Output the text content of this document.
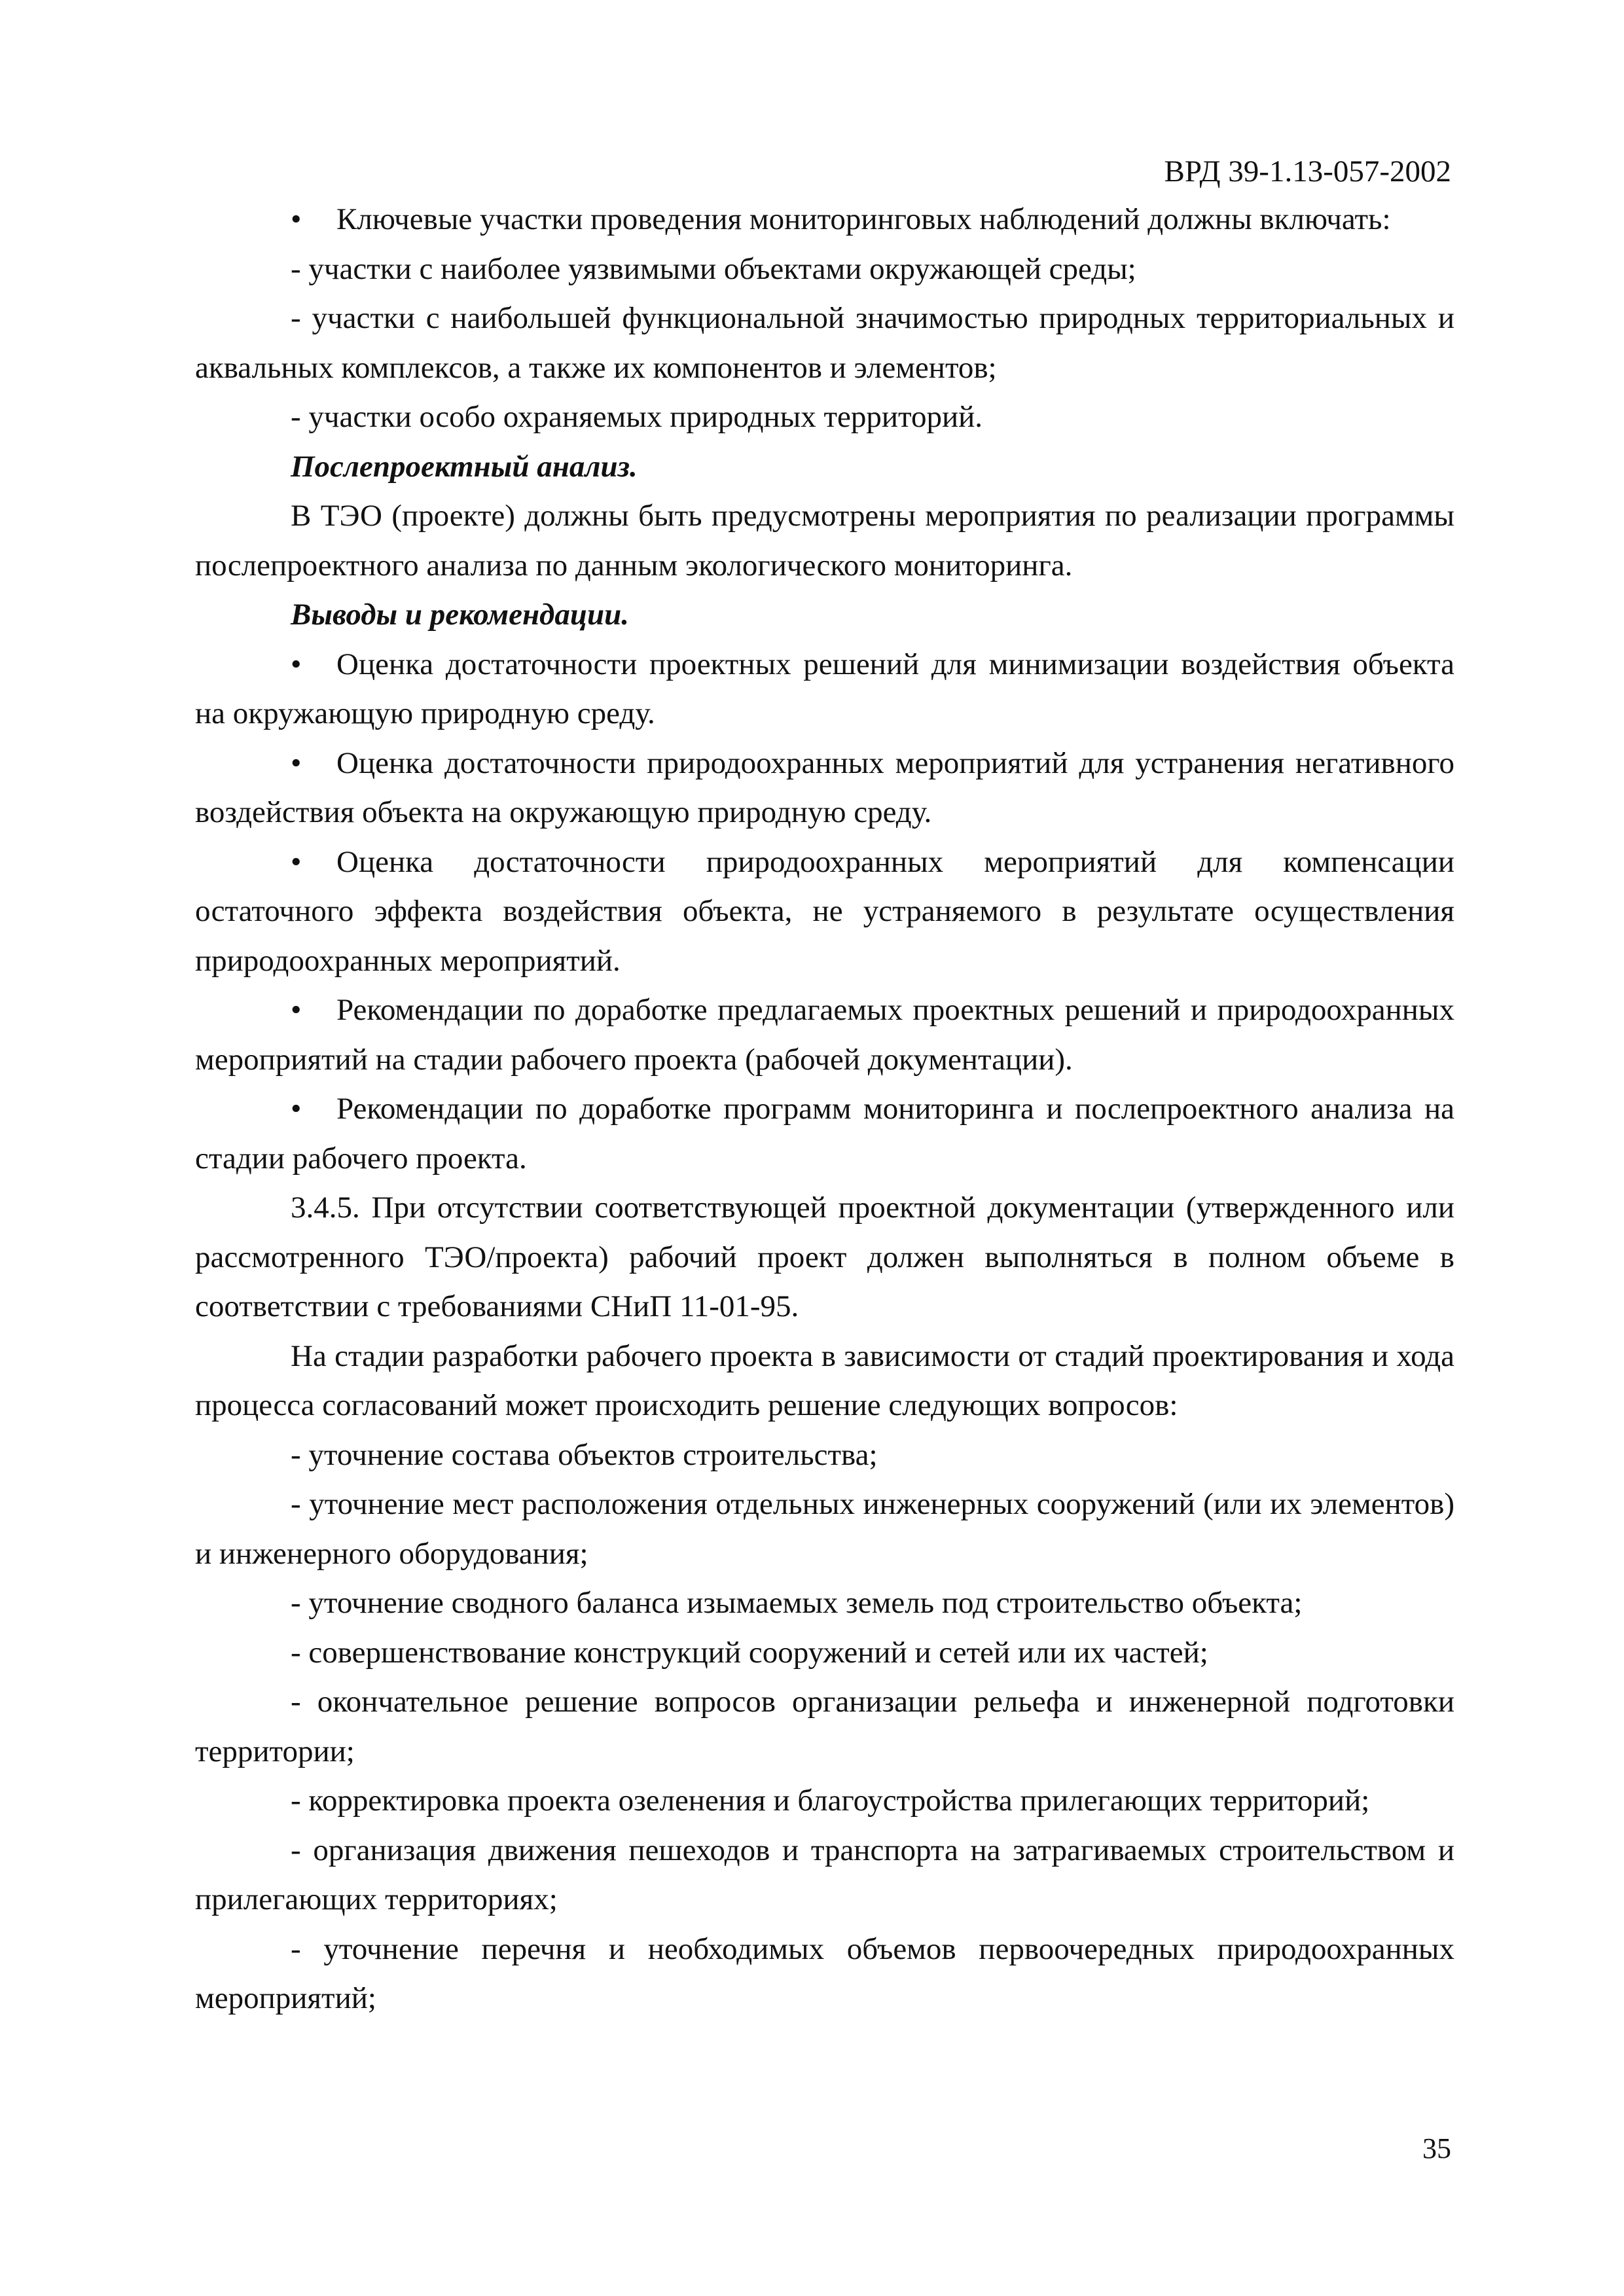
ВРД 39-1.13-057-2002

• Ключевые участки проведения мониторинговых наблюдений должны включать:

- участки с наиболее уязвимыми объектами окружающей среды;

- участки с наибольшей функциональной значимостью природных территориальных и аквальных комплексов, а также их компонентов и элементов;

- участки особо охраняемых природных территорий.

Послепроектный анализ.

В ТЭО (проекте) должны быть предусмотрены мероприятия по реализации программы послепроектного анализа по данным экологического мониторинга.

Выводы и рекомендации.

• Оценка достаточности проектных решений для минимизации воздействия объекта на окружающую природную среду.

• Оценка достаточности природоохранных мероприятий для устранения негативного воздействия объекта на окружающую природную среду.

• Оценка достаточности природоохранных мероприятий для компенсации остаточного эффекта воздействия объекта, не устраняемого в результате осуществления природоохранных мероприятий.

• Рекомендации по доработке предлагаемых проектных решений и природоохранных мероприятий на стадии рабочего проекта (рабочей документации).

• Рекомендации по доработке программ мониторинга и послепроектного анализа на стадии рабочего проекта.

3.4.5. При отсутствии соответствующей проектной документации (утвержденного или рассмотренного ТЭО/проекта) рабочий проект должен выполняться в полном объеме в соответствии с требованиями СНиП 11-01-95.

На стадии разработки рабочего проекта в зависимости от стадий проектирования и хода процесса согласований может происходить решение следующих вопросов:

- уточнение состава объектов строительства;

- уточнение мест расположения отдельных инженерных сооружений (или их элементов) и инженерного оборудования;

- уточнение сводного баланса изымаемых земель под строительство объекта;

- совершенствование конструкций сооружений и сетей или их частей;

- окончательное решение вопросов организации рельефа и инженерной подготовки территории;

- корректировка проекта озеленения и благоустройства прилегающих территорий;

- организация движения пешеходов и транспорта на затрагиваемых строительством и прилегающих территориях;

- уточнение перечня и необходимых объемов первоочередных природоохранных мероприятий;

35
